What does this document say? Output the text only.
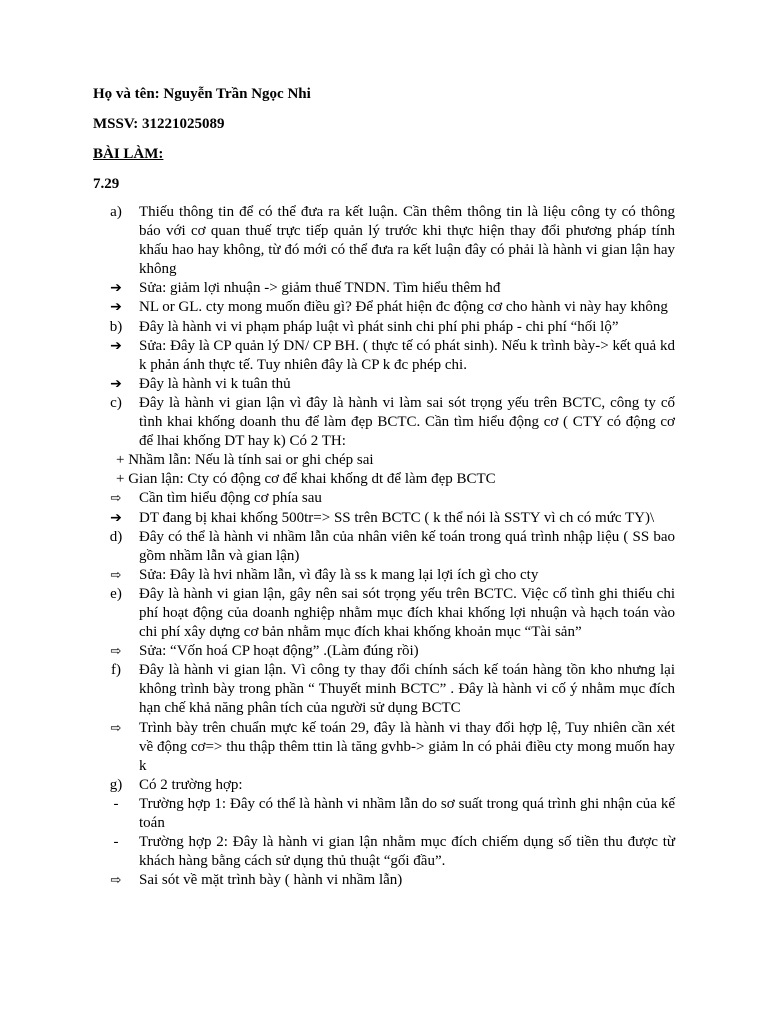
Họ và tên: Nguyễn Trần Ngọc Nhi
MSSV: 31221025089
BÀI LÀM:
7.29
a)	Thiếu thông tin để có thể đưa ra kết luận. Cần thêm thông tin là liệu công ty có thông báo với cơ quan thuế trực tiếp quản lý trước khi thực hiện thay đổi phương pháp tính khấu hao hay không, từ đó mới có thể đưa ra kết luận đây có phải là hành vi gian lận hay không
➔	Sửa: giảm lợi nhuận -> giảm thuế TNDN. Tìm hiểu thêm hđ
➔	NL or GL. cty mong muốn điều gì? Để phát hiện đc động cơ cho hành vi này hay không
b)	Đây là hành vi vi phạm pháp luật vì phát sinh chi phí phi pháp - chi phí “hối lộ”
➔	Sửa: Đây là CP quản lý DN/ CP BH. ( thực tế có phát sinh). Nếu k trình bày-> kết quả kd k phản ánh thực tế. Tuy nhiên đây là CP k đc phép chi.
➔	Đây là hành vi k tuân thủ
c)	Đây là hành vi gian lận vì đây là hành vi làm sai sót trọng yếu trên BCTC, công ty cố tình khai khống doanh thu để làm đẹp BCTC. Cần tìm hiểu động cơ ( CTY có động cơ để lhai khống DT hay k) Có 2 TH:
+ Nhầm lẫn: Nếu là tính sai or ghi chép sai
+ Gian lận: Cty có động cơ để khai khống dt để làm đẹp BCTC
⇨	Cần tìm hiểu động cơ phía sau
➔	DT đang bị khai khống 500tr=> SS trên BCTC ( k thể nói là SSTY vì ch có mức TY)\
d)	Đây có thể là hành vi nhầm lẫn của nhân viên kế toán trong quá trình nhập liệu ( SS bao gồm nhầm lẫn và gian lận)
⇨	Sửa: Đây là hvi nhầm lẫn, vì đây là ss k mang lại lợi ích gì cho cty
e)	Đây là hành vi gian lận, gây nên sai sót trọng yếu trên BCTC. Việc cố tình ghi thiếu chi phí hoạt động của doanh nghiệp nhằm mục đích khai khống lợi nhuận và hạch toán vào chi phí xây dựng cơ bản nhằm mục đích khai khống khoản mục “Tài sản”
⇨	Sửa: “Vốn hoá CP hoạt động” .(Làm đúng rồi)
f)	Đây là hành vi gian lận. Vì công ty thay đổi chính sách kế toán hàng tồn kho nhưng lại không trình bày trong phần “ Thuyết minh BCTC” . Đây là hành vi cố ý nhằm mục đích hạn chế khả năng phân tích của người sử dụng BCTC
⇨	Trình bày trên chuẩn mực kế toán 29, đây là hành vi thay đổi hợp lệ, Tuy nhiên cần xét về động cơ=> thu thập thêm ttin là tăng gvhb-> giảm ln có phải điều cty mong muốn hay k
g)	Có 2 trường hợp:
-	Trường hợp 1: Đây có thể là hành vi nhầm lẫn do sơ suất trong quá trình ghi nhận của kế toán
-	Trường hợp 2: Đây là hành vi gian lận nhằm mục đích chiếm dụng số tiền thu được từ khách hàng bằng cách sử dụng thủ thuật “gối đầu”.
⇨	Sai sót về mặt trình bày ( hành vi nhầm lẫn)
